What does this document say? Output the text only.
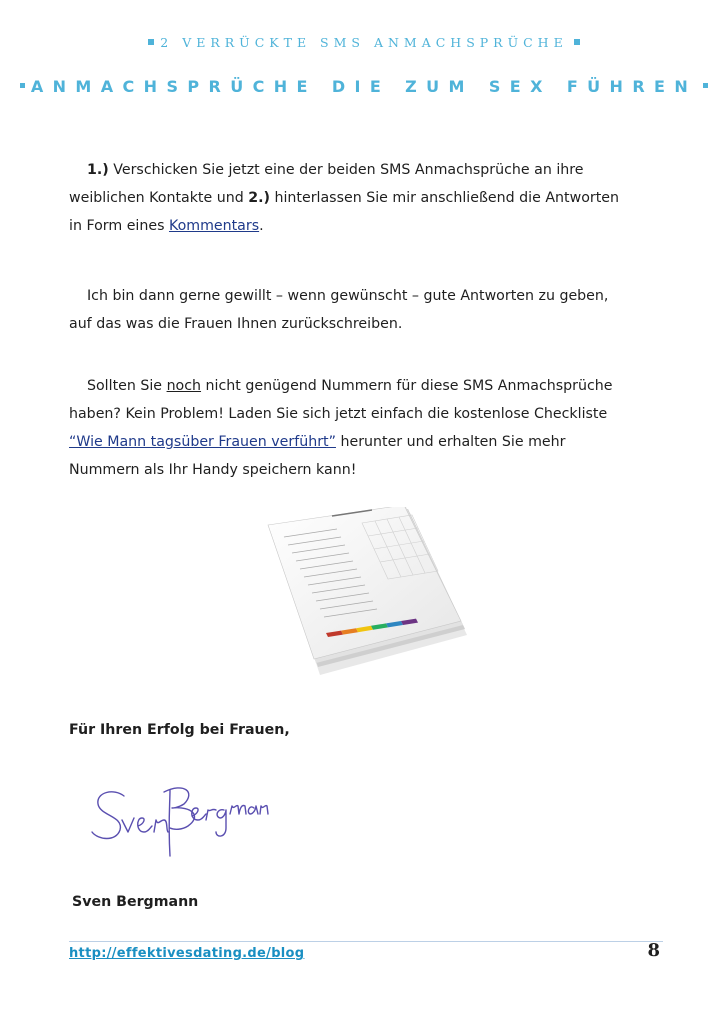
2 VERRÜCKTE SMS ANMACHSPRÜCHE
ANMACHSPRÜCHE DIE ZUM SEX FÜHREN
1.) Verschicken Sie jetzt eine der beiden SMS Anmachsprüche an ihre
weiblichen Kontakte und 2.) hinterlassen Sie mir anschließend die Antworten
in Form eines Kommentars.
Ich bin dann gerne gewillt – wenn gewünscht – gute Antworten zu geben,
auf das was die Frauen Ihnen zurückschreiben.
Sollten Sie noch nicht genügend Nummern für diese SMS Anmachsprüche
haben? Kein Problem! Laden Sie sich jetzt einfach die kostenlose Checkliste
“Wie Mann tagsüber Frauen verführt” herunter und erhalten Sie mehr
Nummern als Ihr Handy speichern kann!
Für Ihren Erfolg bei Frauen,
Sven Bergmann
http://effektivesdating.de/blog	8
